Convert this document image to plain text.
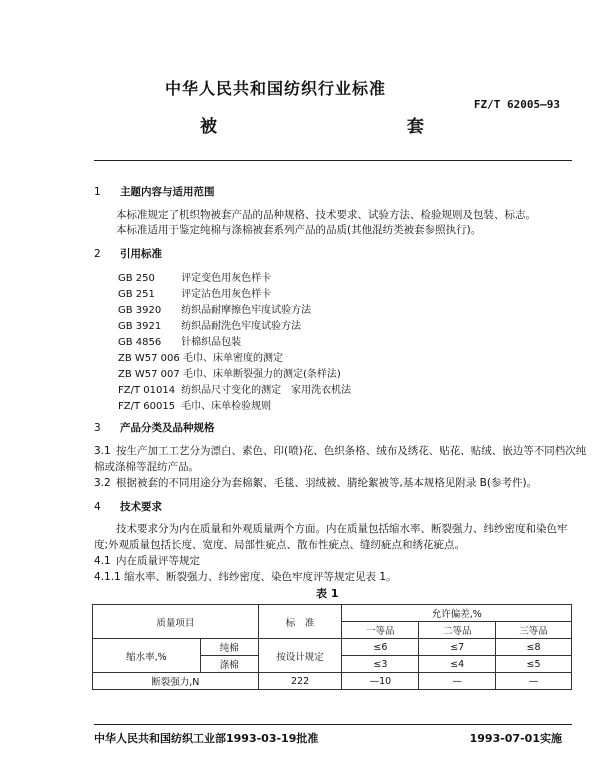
中华人民共和国纺织行业标准
FZ/T 62005—93
被 套
1 主题内容与适用范围
本标准规定了机织物被套产品的品种规格、技术要求、试验方法、检验规则及包装、标志。
本标准适用于鉴定纯棉与涤棉被套系列产品的品质(其他混纺类被套参照执行)。
2 引用标准
GB 250	评定变色用灰色样卡
GB 251	评定沾色用灰色样卡
GB 3920 纺织品耐摩擦色牢度试验方法
GB 3921 纺织品耐洗色牢度试验方法
GB 4856 针棉织品包装
ZB W57 006 毛巾、床单密度的测定
ZB W57 007 毛巾、床单断裂强力的测定(条样法)
FZ/T 01014 纺织品尺寸变化的测定　家用洗衣机法
FZ/T 60015 毛巾、床单检验规则
3 产品分类及品种规格
3.1 按生产加工工艺分为漂白、素色、印(喷)花、色织条格、绒布及绣花、贴花、贴绒、嵌边等不同档次纯
棉或涤棉等混纺产品。
3.2 根据被套的不同用途分为套棉絮、毛毯、羽绒被、腈纶絮被等,基本规格见附录 B(参考件)。
4 技术要求
技术要求分为内在质量和外观质量两个方面。内在质量包括缩水率、断裂强力、纬纱密度和染色牢
度;外观质量包括长度、宽度、局部性疵点、散布性疵点、缝纫疵点和绣花疵点。
4.1 内在质量评等规定
4.1.1 缩水率、断裂强力、纬纱密度、染色牢度评等规定见表 1。
表 1
质量项目		标　准	允许偏差,%		
			一等品	二等品	三等品
缩水率,%	纯棉	按设计规定	≤6	≤7	≤8
	涤棉		≤3	≤4	≤5
断裂强力,N		222	—10	—	—
中华人民共和国纺织工业部1993-03-19批准	1993-07-01实施
